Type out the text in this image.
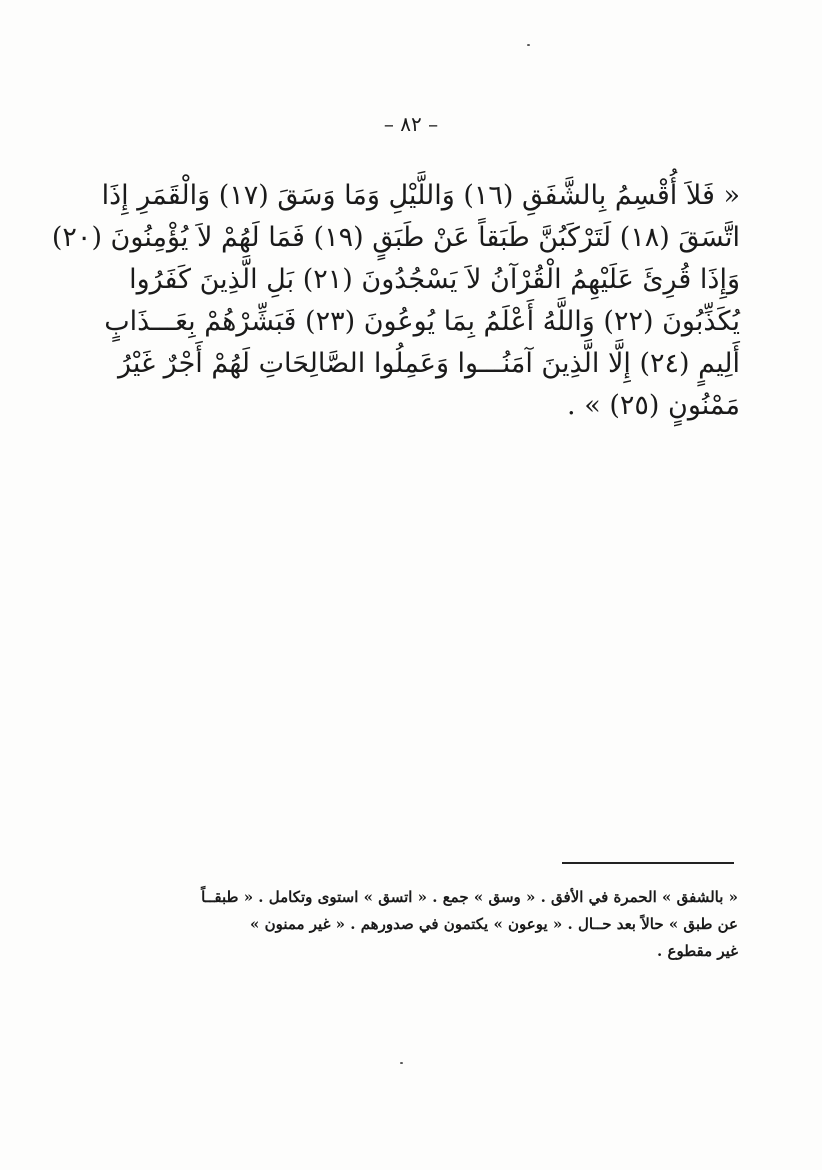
– ٨٢ –
« فَلاَ أُقْسِمُ بِالشَّفَقِ (١٦) وَاللَّيْلِ وَمَا وَسَقَ (١٧) وَالْقَمَرِ إِذَا
اتَّسَقَ (١٨) لَتَرْكَبُنَّ طَبَقاً عَنْ طَبَقٍ (١٩) فَمَا لَهُمْ لاَ يُؤْمِنُونَ (٢٠)
وَإِذَا قُرِئَ عَلَيْهِمُ الْقُرْآنُ لاَ يَسْجُدُونَ (٢١) بَلِ الَّذِينَ كَفَرُوا
يُكَذِّبُونَ (٢٢) وَاللَّهُ أَعْلَمُ بِمَا يُوعُونَ (٢٣) فَبَشِّرْهُمْ بِعَـــذَابٍ
أَلِيمٍ (٢٤) إِلَّا الَّذِينَ آمَنُـــوا وَعَمِلُوا الصَّالِحَاتِ لَهُمْ أَجْرٌ غَيْرُ
مَمْنُونٍ (٢٥) » .
« بالشفق » الحمرة في الأفق . « وسق » جمع . « اتسق » استوى وتكامل . « طبقــاً
عن طبق » حالاً بعد حــال . « يوعون » يكتمون في صدورهم . « غير ممنون »
غير مقطوع .
